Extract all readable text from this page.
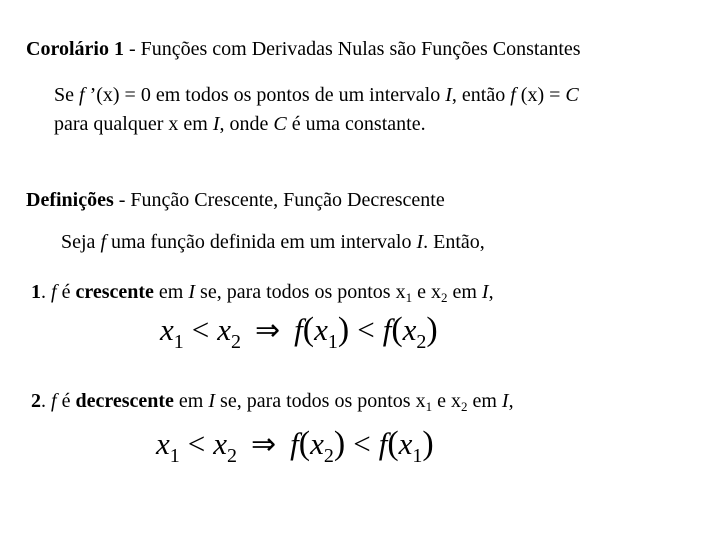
Corolário 1 - Funções com Derivadas Nulas são Funções Constantes
Se f ’(x) = 0 em todos os pontos de um intervalo I, então f (x) = C
para qualquer x em I, onde C é uma constante.
Definições - Função Crescente, Função Decrescente
Seja f uma função definida em um intervalo I. Então,
1. f é crescente em I se, para todos os pontos $x_1$ e $x_2$ em I,
$x_1 < x_2$ ⇒ $f(x_1) < f(x_2)$
2. f é decrescente em I se, para todos os pontos $x_1$ e $x_2$ em I,
$x_1 < x_2$ ⇒ $f(x_2) < f(x_1)$
